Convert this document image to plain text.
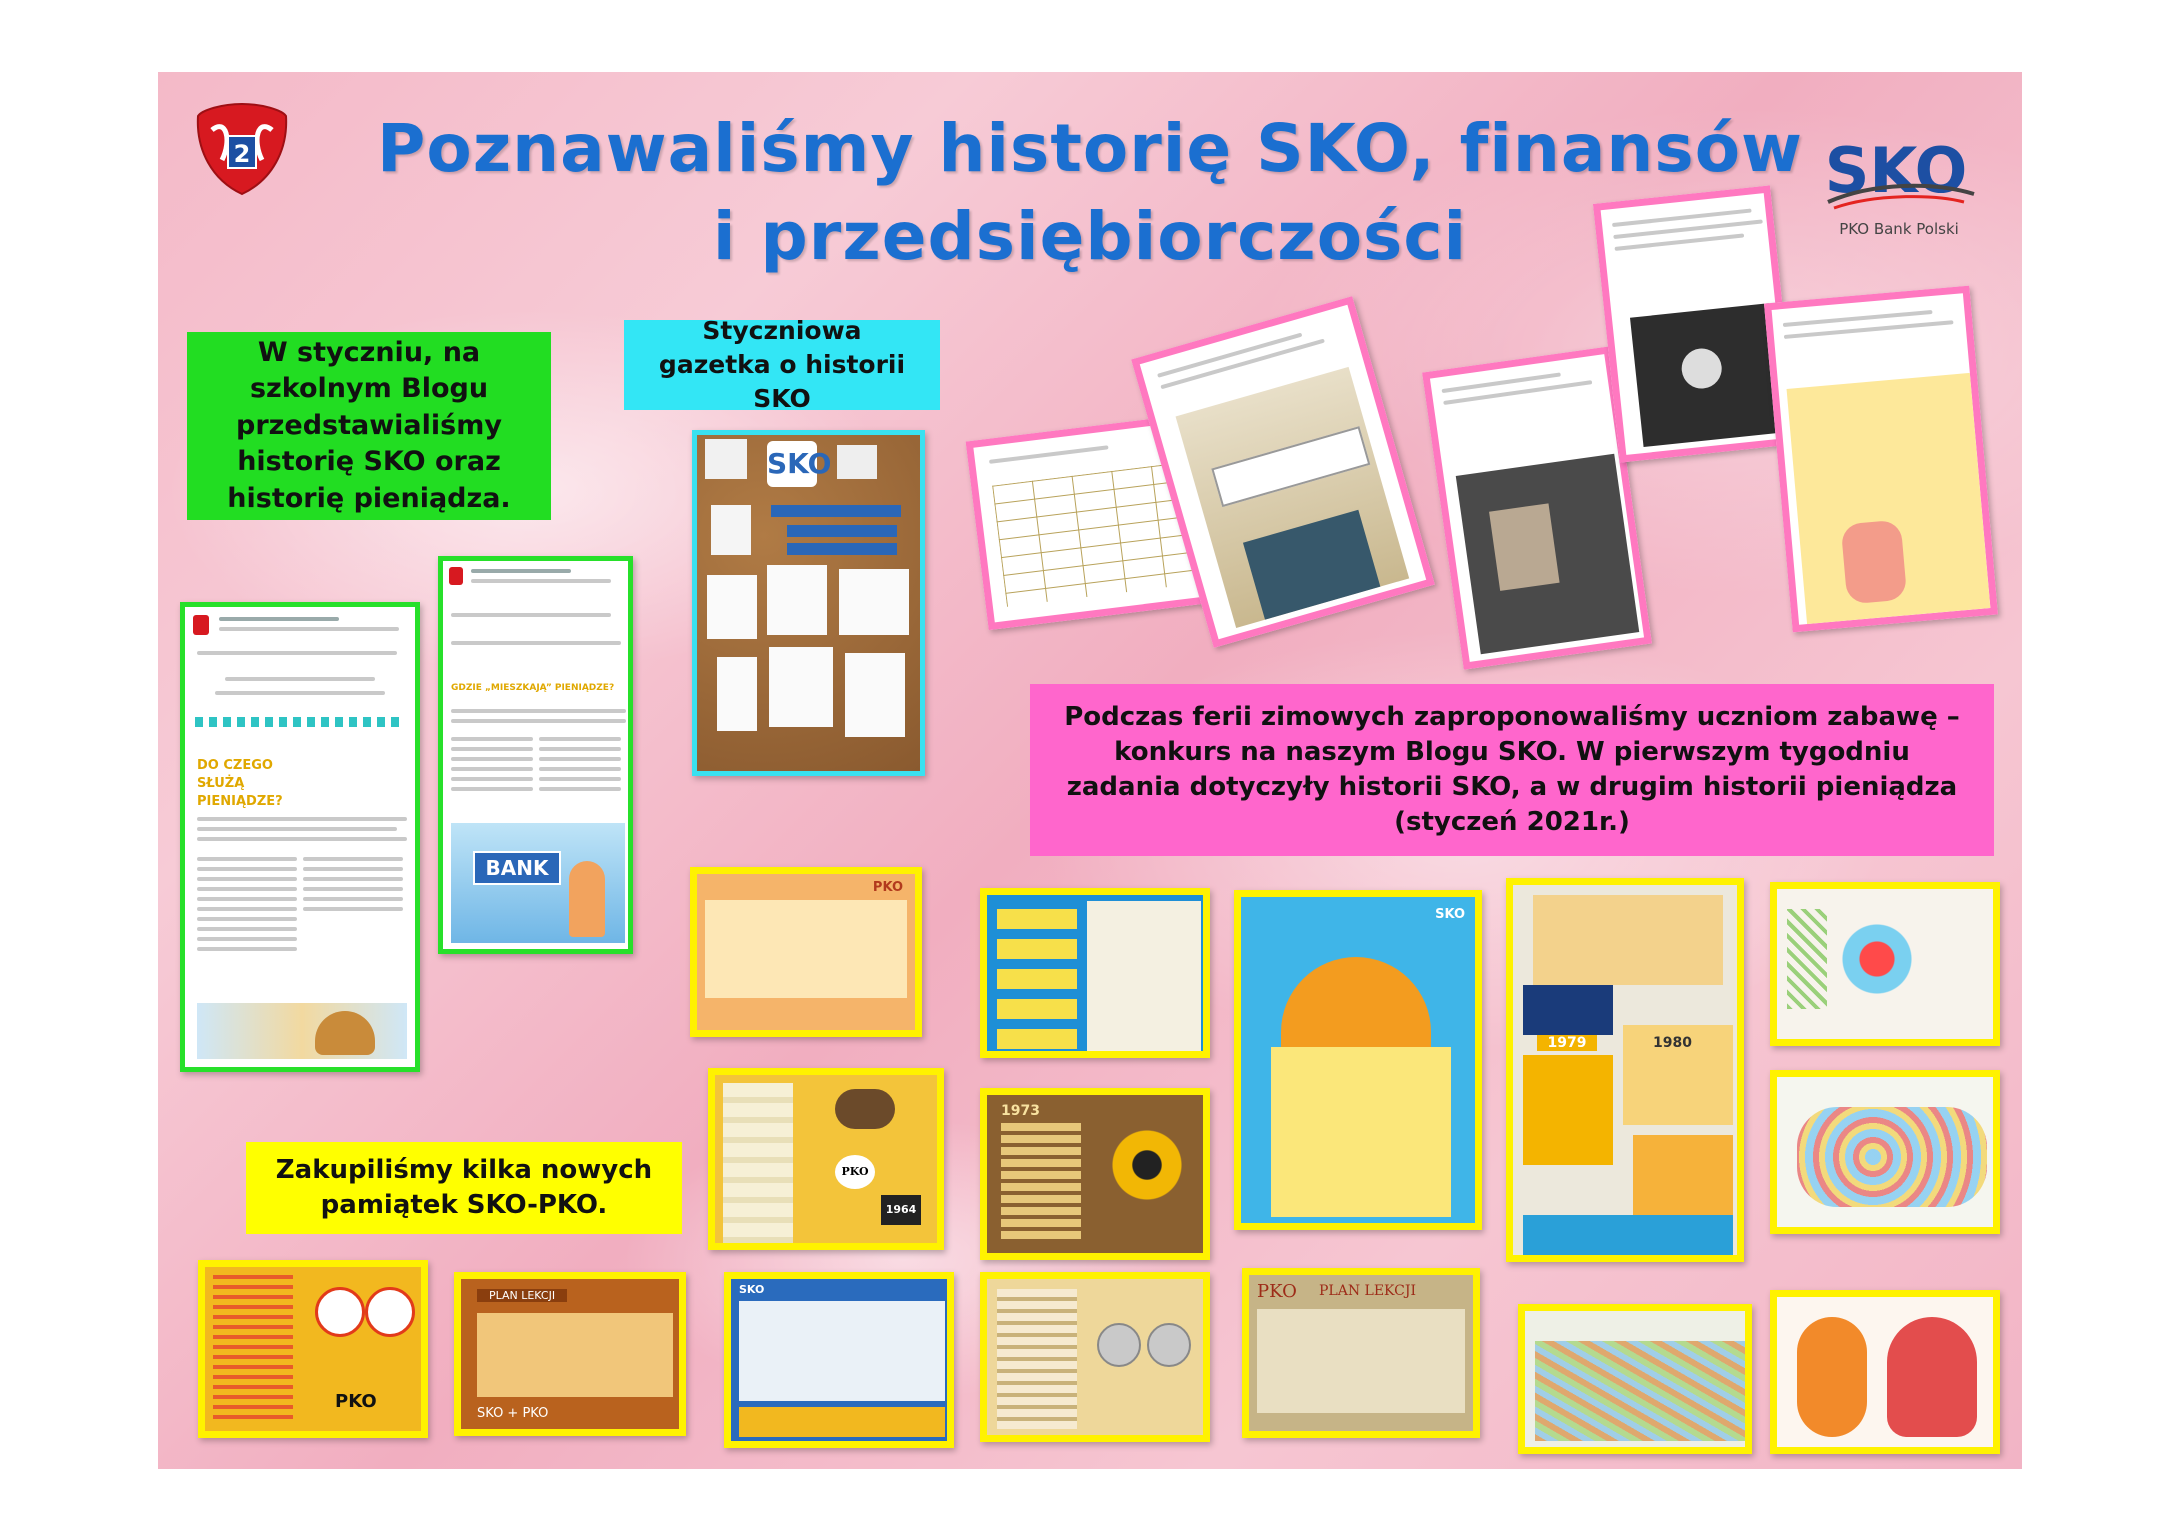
2	Poznawaliśmy historię SKO, finansów
i przedsiębiorczości
SKO
PKO Bank Polski
W styczniu, na szkolnym Blogu przedstawialiśmy historię SKO oraz historię pieniądza.
Styczniowa gazetka o historii SKO
DO CZEGO SŁUŻĄ PIENIĄDZE?
GDZIE „MIESZKAJĄ” PIENIĄDZE?
BANK
SKO
Podczas ferii zimowych zaproponowaliśmy uczniom zabawę – konkurs na naszym Blogu SKO. W pierwszym tygodniu zadania dotyczyły historii SKO, a w drugim historii pieniądza (styczeń 2021r.)
Zakupiliśmy kilka nowych pamiątek SKO-PKO.
PKO
SKO
1979	1980
PKO
1964
1973
PKO
PLAN LEKCJI
SKO + PKO
SKO	PLAN LEKCJI
PKO
